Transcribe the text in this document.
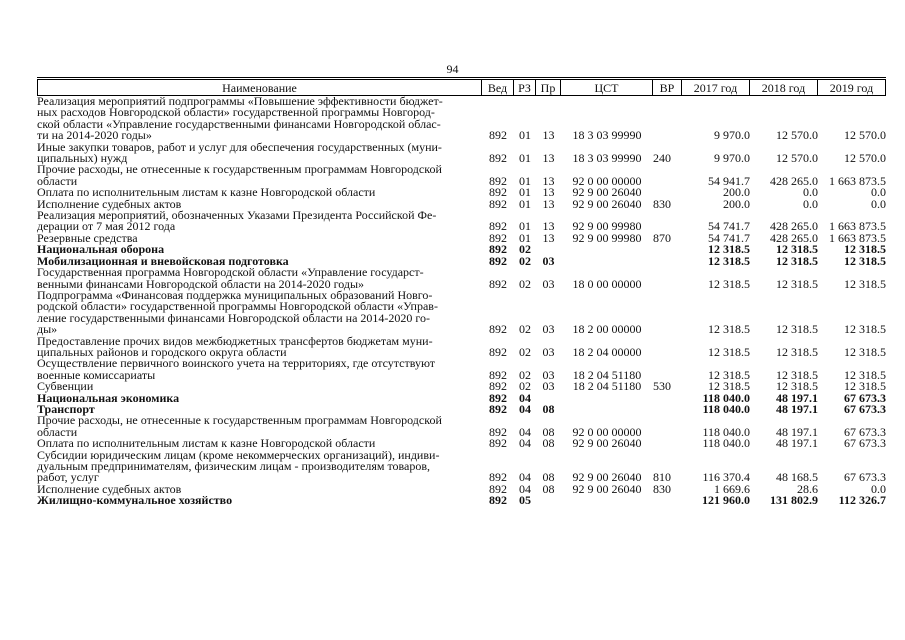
94
Наименование	Вед	РЗ	Пр	ЦСТ	ВР	2017 год	2018 год	2019 год

Реализация мероприятий подпрограммы «Повышение эффективности бюджет-
ных расходов Новгородской области» государственной программы Новгород-
ской области «Управление государственными финансами Новгородской облас-
ти на 2014-2020 годы»	892	01	13	18 3 03 99990		9 970.0	12 570.0	12 570.0

Иные закупки товаров, работ и услуг для обеспечения государственных (муни-
ципальных) нужд	892	01	13	18 3 03 99990	240	9 970.0	12 570.0	12 570.0

Прочие расходы, не отнесенные к государственным программам Новгородской
области	892	01	13	92 0 00 00000		54 941.7	428 265.0	1 663 873.5

Оплата по исполнительным листам к казне Новгородской области	892	01	13	92 9 00 26040		200.0	0.0	0.0

Исполнение судебных актов	892	01	13	92 9 00 26040	830	200.0	0.0	0.0

Реализация мероприятий, обозначенных Указами Президента Российской Фе-
дерации от 7 мая 2012 года	892	01	13	92 9 00 99980		54 741.7	428 265.0	1 663 873.5

Резервные средства	892	01	13	92 9 00 99980	870	54 741.7	428 265.0	1 663 873.5

Национальная оборона	892	02				12 318.5	12 318.5	12 318.5

Мобилизационная и вневойсковая подготовка	892	02	03			12 318.5	12 318.5	12 318.5

Государственная программа Новгородской области «Управление государст-
венными финансами Новгородской области на 2014-2020 годы»	892	02	03	18 0 00 00000		12 318.5	12 318.5	12 318.5

Подпрограмма «Финансовая поддержка муниципальных образований Новго-
родской области» государственной программы Новгородской области «Управ-
ление государственными финансами Новгородской области на 2014-2020 го-
ды»	892	02	03	18 2 00 00000		12 318.5	12 318.5	12 318.5

Предоставление прочих видов межбюджетных трансфертов бюджетам муни-
ципальных районов и городского округа области	892	02	03	18 2 04 00000		12 318.5	12 318.5	12 318.5

Осуществление первичного воинского учета на территориях, где отсутствуют
военные комиссариаты	892	02	03	18 2 04 51180		12 318.5	12 318.5	12 318.5

Субвенции	892	02	03	18 2 04 51180	530	12 318.5	12 318.5	12 318.5

Национальная экономика	892	04				118 040.0	48 197.1	67 673.3

Транспорт	892	04	08			118 040.0	48 197.1	67 673.3

Прочие расходы, не отнесенные к государственным программам Новгородской
области	892	04	08	92 0 00 00000		118 040.0	48 197.1	67 673.3

Оплата по исполнительным листам к казне Новгородской области	892	04	08	92 9 00 26040		118 040.0	48 197.1	67 673.3

Субсидии юридическим лицам (кроме некоммерческих организаций), индиви-
дуальным предпринимателям, физическим лицам - производителям товаров,
работ, услуг	892	04	08	92 9 00 26040	810	116 370.4	48 168.5	67 673.3

Исполнение судебных актов	892	04	08	92 9 00 26040	830	1 669.6	28.6	0.0

Жилищно-коммунальное хозяйство	892	05				121 960.0	131 802.9	112 326.7
